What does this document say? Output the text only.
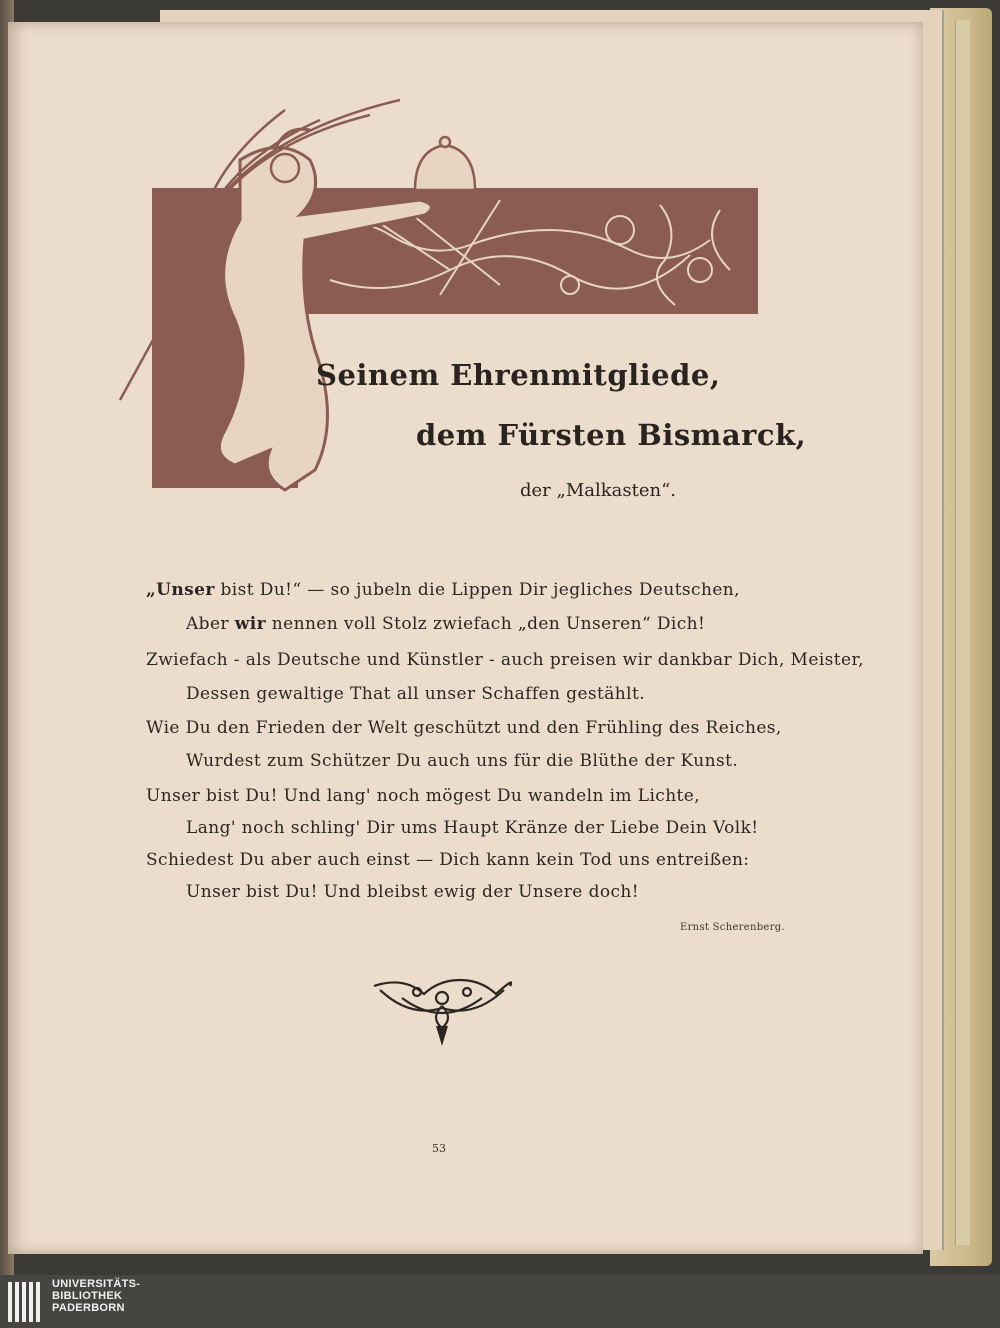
Seinem Ehrenmitgliede,
dem Fürsten Bismarck,
der „Malkasten“.
„Unser bist Du!“ — so jubeln die Lippen Dir jegliches Deutschen,
Aber wir nennen voll Stolz zwiefach „den Unseren“ Dich!
Zwiefach - als Deutsche und Künstler - auch preisen wir dankbar Dich, Meister,
Dessen gewaltige That all unser Schaffen gestählt.
Wie Du den Frieden der Welt geschützt und den Frühling des Reiches,
Wurdest zum Schützer Du auch uns für die Blüthe der Kunst.
Unser bist Du! Und lang' noch mögest Du wandeln im Lichte,
Lang' noch schling' Dir ums Haupt Kränze der Liebe Dein Volk!
Schiedest Du aber auch einst — Dich kann kein Tod uns entreißen:
Unser bist Du! Und bleibst ewig der Unsere doch!
Ernst Scherenberg.
53
UNIVERSITÄTS-
BIBLIOTHEK
PADERBORN
